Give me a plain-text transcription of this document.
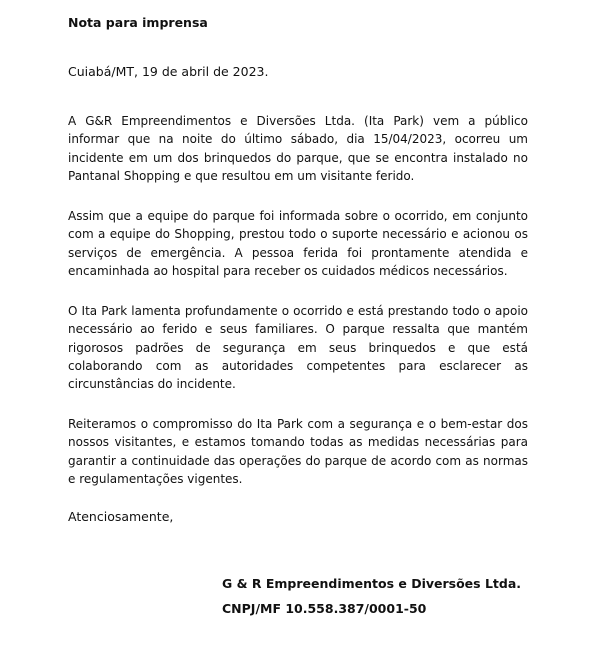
Nota para imprensa
Cuiabá/MT, 19 de abril de 2023.

A G&R Empreendimentos e Diversões Ltda. (Ita Park) vem a público informar que na noite do último sábado, dia 15/04/2023, ocorreu um incidente em um dos brinquedos do parque, que se encontra instalado no Pantanal Shopping e que resultou em um visitante ferido.

Assim que a equipe do parque foi informada sobre o ocorrido, em conjunto com a equipe do Shopping, prestou todo o suporte necessário e acionou os serviços de emergência. A pessoa ferida foi prontamente atendida e encaminhada ao hospital para receber os cuidados médicos necessários.

O Ita Park lamenta profundamente o ocorrido e está prestando todo o apoio necessário ao ferido e seus familiares. O parque ressalta que mantém rigorosos padrões de segurança em seus brinquedos e que está colaborando com as autoridades competentes para esclarecer as circunstâncias do incidente.

Reiteramos o compromisso do Ita Park com a segurança e o bem-estar dos nossos visitantes, e estamos tomando todas as medidas necessárias para garantir a continuidade das operações do parque de acordo com as normas e regulamentações vigentes.

Atenciosamente,
G & R Empreendimentos e Diversões Ltda.
CNPJ/MF 10.558.387/0001-50
